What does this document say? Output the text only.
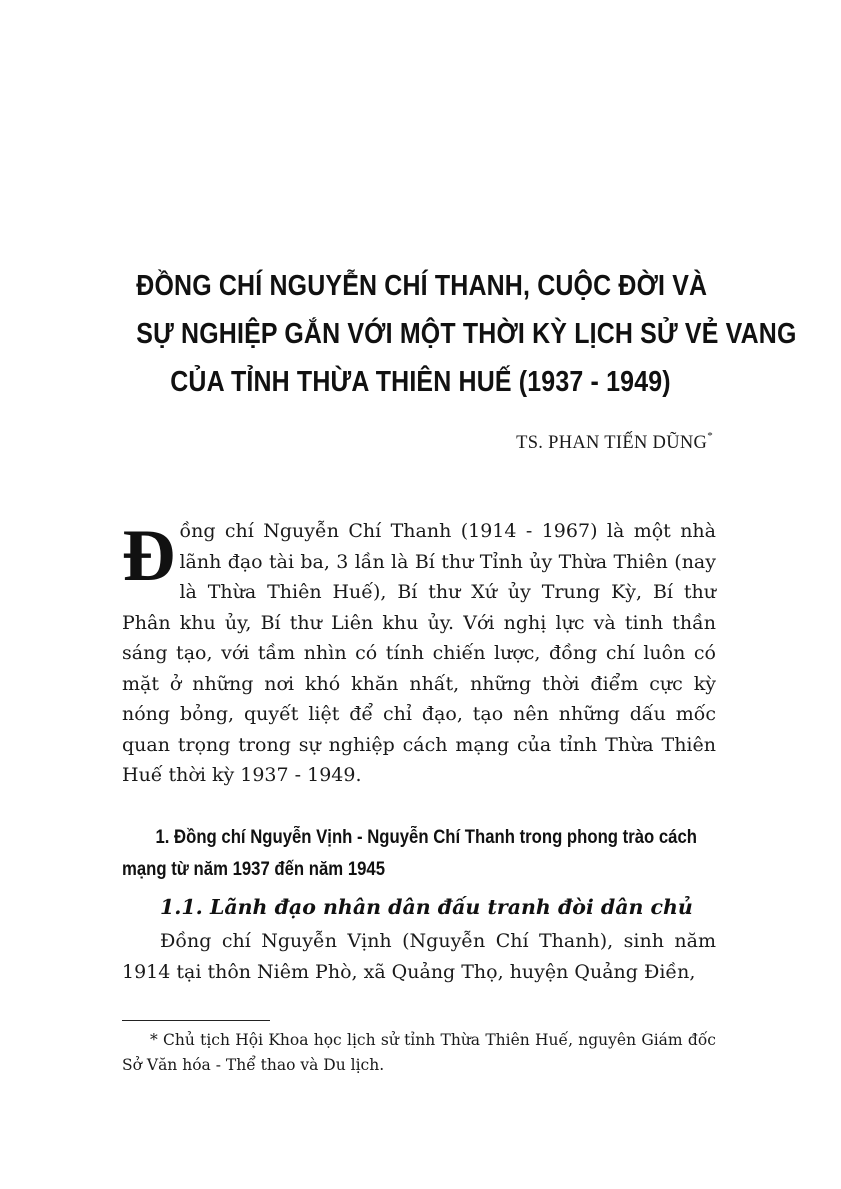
ĐỒNG CHÍ NGUYỄN CHÍ THANH, CUỘC ĐỜI VÀ
SỰ NGHIỆP GẮN VỚI MỘT THỜI KỲ LỊCH SỬ VẺ VANG
CỦA TỈNH THỪA THIÊN HUẾ (1937 - 1949)
TS. PHAN TIẾN DŨNG*
Đ ồng chí Nguyễn Chí Thanh (1914 - 1967) là một nhà lãnh đạo tài ba, 3 lần là Bí thư Tỉnh ủy Thừa Thiên (nay là Thừa Thiên Huế), Bí thư Xứ ủy Trung Kỳ, Bí thư Phân khu ủy, Bí thư Liên khu ủy. Với nghị lực và tinh thần sáng tạo, với tầm nhìn có tính chiến lược, đồng chí luôn có mặt ở những nơi khó khăn nhất, những thời điểm cực kỳ nóng bỏng, quyết liệt để chỉ đạo, tạo nên những dấu mốc quan trọng trong sự nghiệp cách mạng của tỉnh Thừa Thiên Huế thời kỳ 1937 - 1949.
1. Đồng chí Nguyễn Vịnh - Nguyễn Chí Thanh trong phong trào cách mạng từ năm 1937 đến năm 1945
1.1. Lãnh đạo nhân dân đấu tranh đòi dân chủ
Đồng chí Nguyễn Vịnh (Nguyễn Chí Thanh), sinh năm 1914 tại thôn Niêm Phò, xã Quảng Thọ, huyện Quảng Điền,
* Chủ tịch Hội Khoa học lịch sử tỉnh Thừa Thiên Huế, nguyên Giám đốc Sở Văn hóa - Thể thao và Du lịch.
